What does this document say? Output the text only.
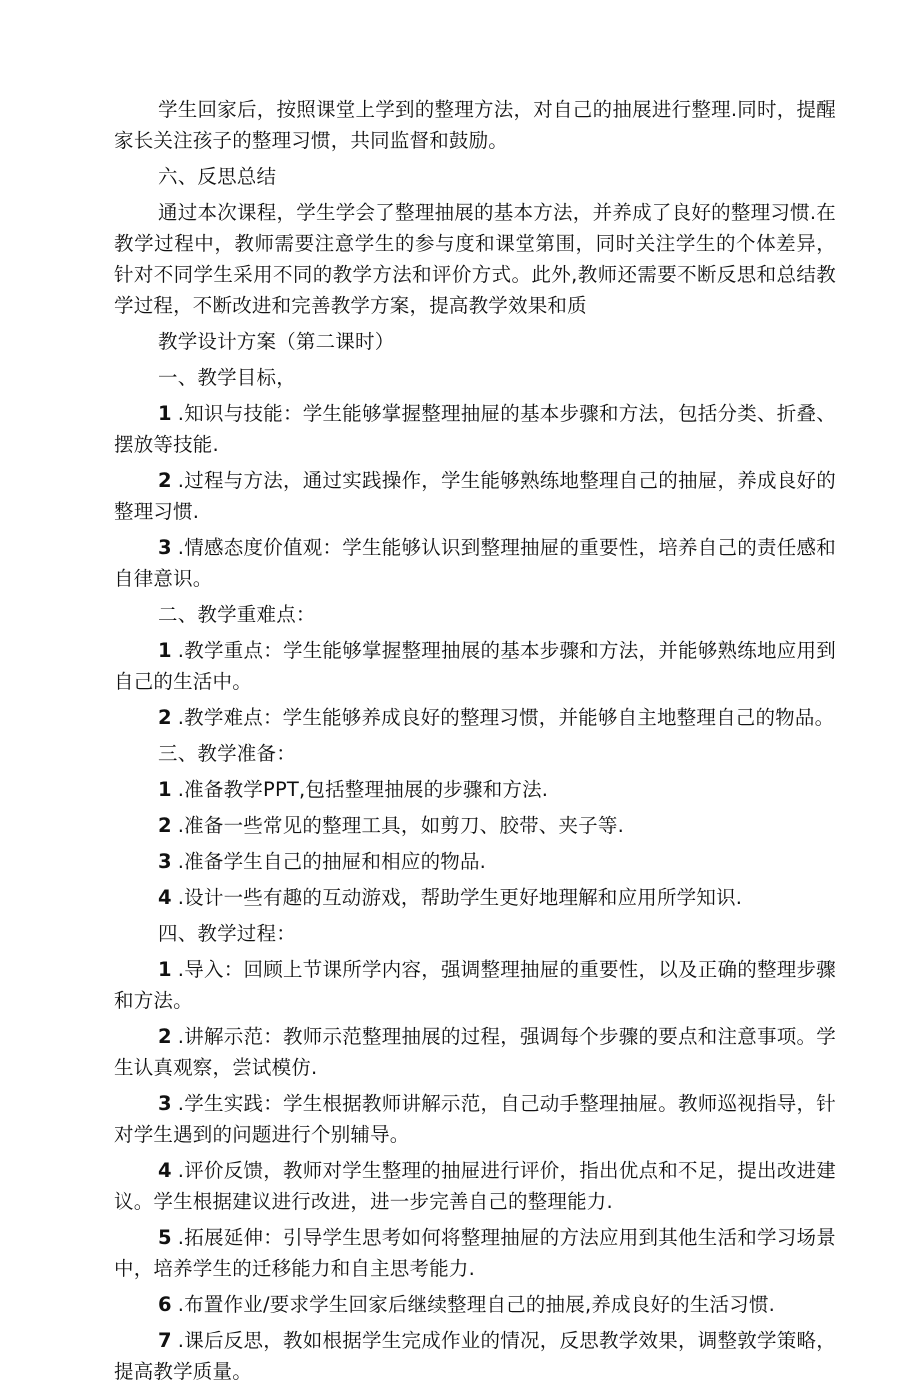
学生回家后，按照课堂上学到的整理方法，对自己的抽展进行整理.同时，提醒家长关注孩子的整理习惯，共同监督和鼓励。

六、反思总结

通过本次课程，学生学会了整理抽展的基本方法，并养成了良好的整理习惯.在教学过程中，教师需要注意学生的参与度和课堂第围，同时关注学生的个体差异，针对不同学生采用不同的教学方法和评价方式。此外,教师还需要不断反思和总结教学过程，不断改进和完善教学方案，提高教学效果和质

教学设计方案（第二课时）

一、教学目标，

1 .知识与技能：学生能够掌握整理抽屉的基本步骤和方法，包括分类、折叠、摆放等技能.

2 .过程与方法，通过实践操作，学生能够熟练地整理自己的抽屉，养成良好的整理习惯.

3 .情感态度价值观：学生能够认识到整理抽屉的重要性，培养自己的责任感和自律意识。

二、教学重难点：

1 .教学重点：学生能够掌握整理抽展的基本步骤和方法，并能够熟练地应用到自己的生活中。

2 .教学难点：学生能够养成良好的整理习惯，并能够自主地整理自己的物品。

三、教学准备：

1 .准备教学PPT,包括整理抽展的步骤和方法.

2 .准备一些常见的整理工具，如剪刀、胶带、夹子等.

3 .准备学生自己的抽屉和相应的物品.

4 .设计一些有趣的互动游戏，帮助学生更好地理解和应用所学知识.

四、教学过程：

1 .导入：回顾上节课所学内容，强调整理抽屉的重要性，以及正确的整理步骤和方法。

2 .讲解示范：教师示范整理抽展的过程，强调每个步骤的要点和注意事项。学生认真观察，尝试模仿.

3 .学生实践：学生根据教师讲解示范，自己动手整理抽屉。教师巡视指导，针对学生遇到的问题进行个别辅导。

4 .评价反馈，教师对学生整理的抽屉进行评价，指出优点和不足，提出改进建议。学生根据建议进行改进，进一步完善自己的整理能力.

5 .拓展延伸：引导学生思考如何将整理抽屉的方法应用到其他生活和学习场景中，培养学生的迁移能力和自主思考能力.

6 .布置作业/要求学生回家后继续整理自己的抽展,养成良好的生活习惯.

7 .课后反思，教如根据学生完成作业的情况，反思教学效果，调整敦学策略，提高教学质量。
